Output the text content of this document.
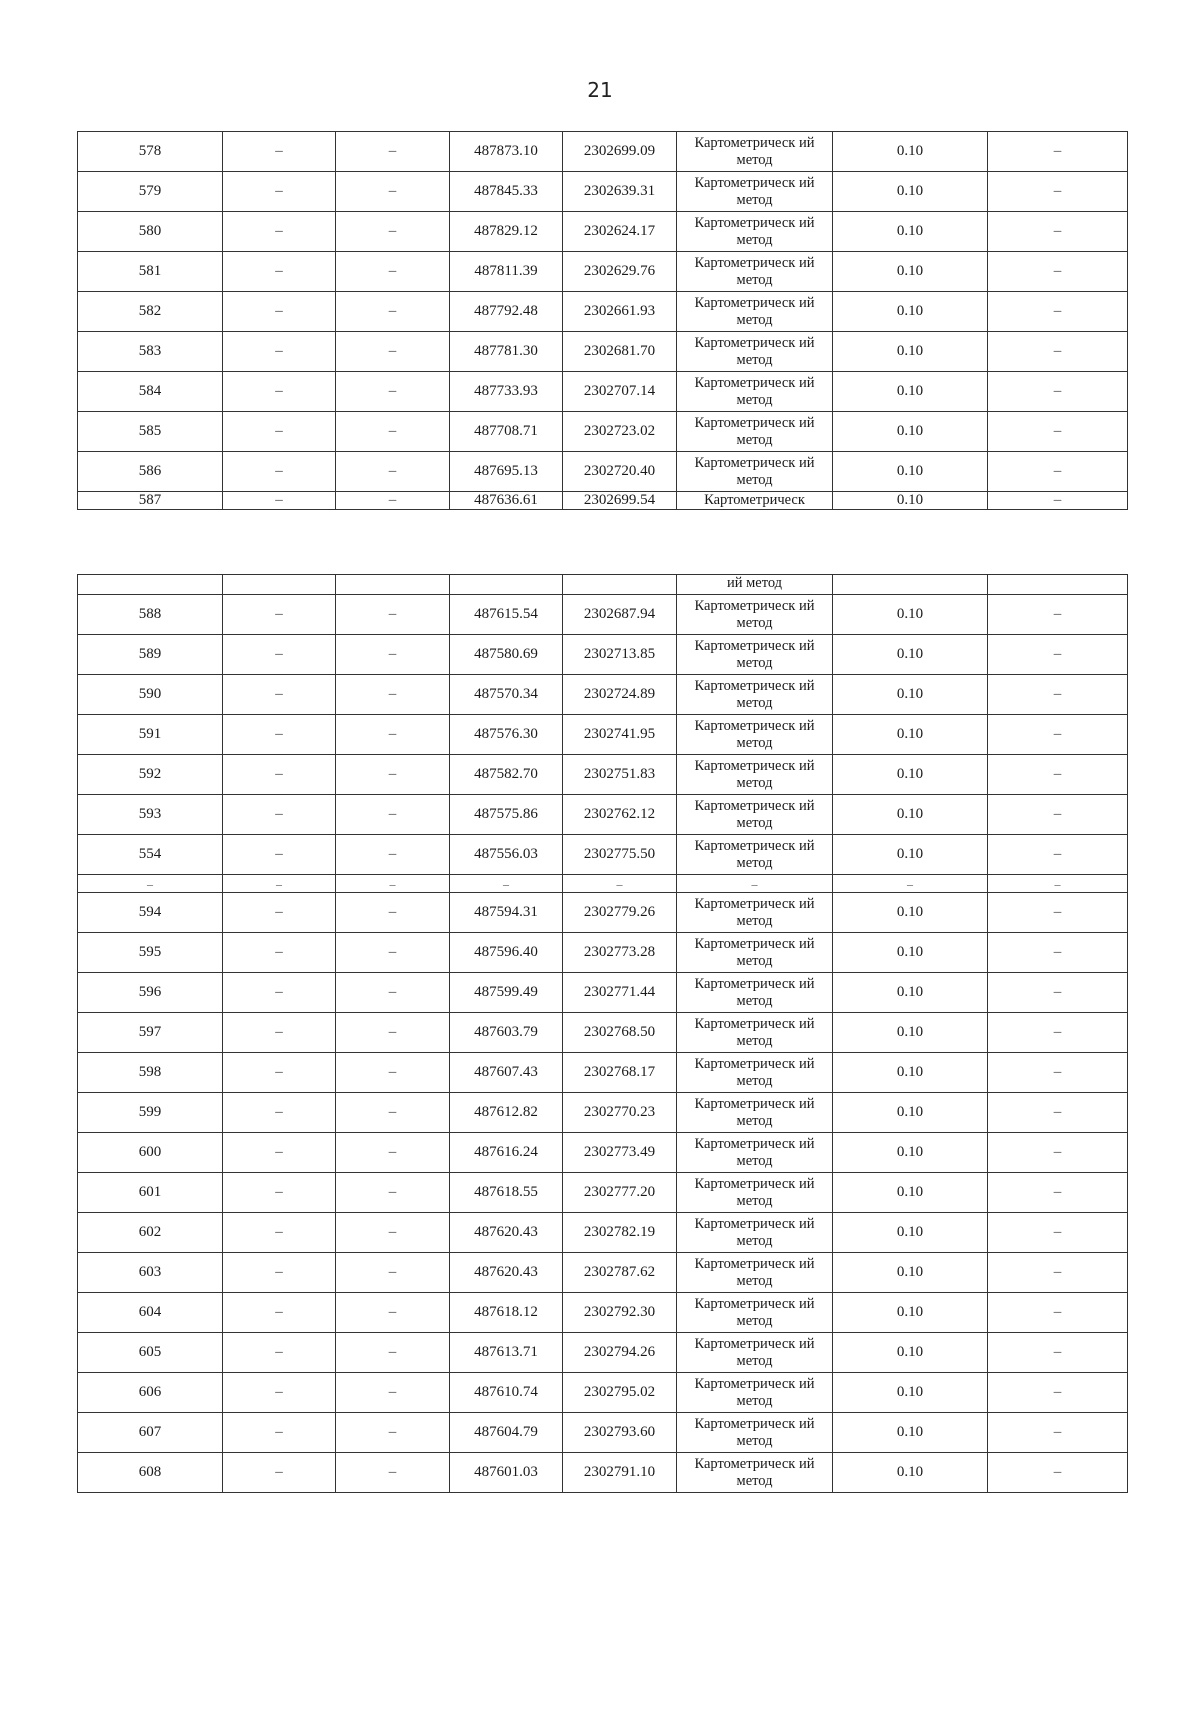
21
578	–	–	487873.10	2302699.09	Картометрическ ий метод	0.10	–
579	–	–	487845.33	2302639.31	Картометрическ ий метод	0.10	–
580	–	–	487829.12	2302624.17	Картометрическ ий метод	0.10	–
581	–	–	487811.39	2302629.76	Картометрическ ий метод	0.10	–
582	–	–	487792.48	2302661.93	Картометрическ ий метод	0.10	–
583	–	–	487781.30	2302681.70	Картометрическ ий метод	0.10	–
584	–	–	487733.93	2302707.14	Картометрическ ий метод	0.10	–
585	–	–	487708.71	2302723.02	Картометрическ ий метод	0.10	–
586	–	–	487695.13	2302720.40	Картометрическ ий метод	0.10	–
587	–	–	487636.61	2302699.54	Картометрическ	0.10	–
					ий метод		
588	–	–	487615.54	2302687.94	Картометрическ ий метод	0.10	–
589	–	–	487580.69	2302713.85	Картометрическ ий метод	0.10	–
590	–	–	487570.34	2302724.89	Картометрическ ий метод	0.10	–
591	–	–	487576.30	2302741.95	Картометрическ ий метод	0.10	–
592	–	–	487582.70	2302751.83	Картометрическ ий метод	0.10	–
593	–	–	487575.86	2302762.12	Картометрическ ий метод	0.10	–
554	–	–	487556.03	2302775.50	Картометрическ ий метод	0.10	–
–	–	–	–	–	–	–	–
594	–	–	487594.31	2302779.26	Картометрическ ий метод	0.10	–
595	–	–	487596.40	2302773.28	Картометрическ ий метод	0.10	–
596	–	–	487599.49	2302771.44	Картометрическ ий метод	0.10	–
597	–	–	487603.79	2302768.50	Картометрическ ий метод	0.10	–
598	–	–	487607.43	2302768.17	Картометрическ ий метод	0.10	–
599	–	–	487612.82	2302770.23	Картометрическ ий метод	0.10	–
600	–	–	487616.24	2302773.49	Картометрическ ий метод	0.10	–
601	–	–	487618.55	2302777.20	Картометрическ ий метод	0.10	–
602	–	–	487620.43	2302782.19	Картометрическ ий метод	0.10	–
603	–	–	487620.43	2302787.62	Картометрическ ий метод	0.10	–
604	–	–	487618.12	2302792.30	Картометрическ ий метод	0.10	–
605	–	–	487613.71	2302794.26	Картометрическ ий метод	0.10	–
606	–	–	487610.74	2302795.02	Картометрическ ий метод	0.10	–
607	–	–	487604.79	2302793.60	Картометрическ ий метод	0.10	–
608	–	–	487601.03	2302791.10	Картометрическ ий метод	0.10	–
